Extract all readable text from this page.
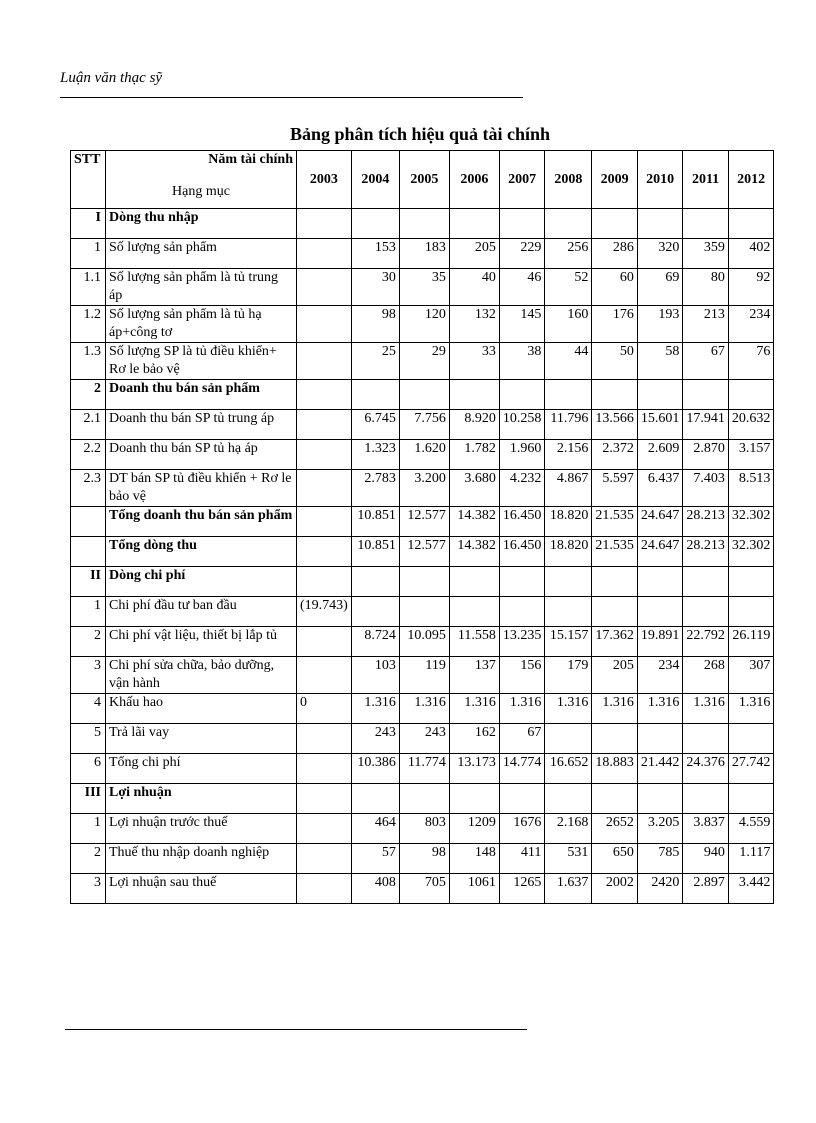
Luận văn thạc sỹ
Bảng phân tích hiệu quả tài chính
STT	Năm tài chính
Hạng mục	2003	2004	2005	2006	2007	2008	2009	2010	2011	2012
I	Dòng thu nhập										
1	Số lượng sản phẩm		153	183	205	229	256	286	320	359	402
1.1	Số lượng sản phẩm là tủ trung áp		30	35	40	46	52	60	69	80	92
1.2	Số lượng sản phẩm là tủ hạ áp+công tơ		98	120	132	145	160	176	193	213	234
1.3	Số lượng SP là tủ điều khiển+ Rơ le bảo vệ		25	29	33	38	44	50	58	67	76
2	Doanh thu bán sản phẩm										
2.1	Doanh thu bán SP tủ trung áp		6.745	7.756	8.920	10.258	11.796	13.566	15.601	17.941	20.632
2.2	Doanh thu bán SP tủ hạ áp		1.323	1.620	1.782	1.960	2.156	2.372	2.609	2.870	3.157
2.3	DT bán SP tủ điều khiển + Rơ le bảo vệ		2.783	3.200	3.680	4.232	4.867	5.597	6.437	7.403	8.513
	Tổng doanh thu bán sản phẩm		10.851	12.577	14.382	16.450	18.820	21.535	24.647	28.213	32.302
	Tổng dòng thu		10.851	12.577	14.382	16.450	18.820	21.535	24.647	28.213	32.302
II	Dòng chi phí										
1	Chi phí đầu tư ban đầu	(19.743)									
2	Chi phí vật liệu, thiết bị lắp tủ		8.724	10.095	11.558	13.235	15.157	17.362	19.891	22.792	26.119
3	Chi phí sửa chữa, bảo dưỡng, vận hành		103	119	137	156	179	205	234	268	307
4	Khấu hao	0	1.316	1.316	1.316	1.316	1.316	1.316	1.316	1.316	1.316
5	Trả lãi vay		243	243	162	67					
6	Tổng chi phí		10.386	11.774	13.173	14.774	16.652	18.883	21.442	24.376	27.742
III	Lợi nhuận										
1	Lợi nhuận trước thuế		464	803	1209	1676	2.168	2652	3.205	3.837	4.559
2	Thuế thu nhập doanh nghiệp		57	98	148	411	531	650	785	940	1.117
3	Lợi nhuận sau thuế		408	705	1061	1265	1.637	2002	2420	2.897	3.442
